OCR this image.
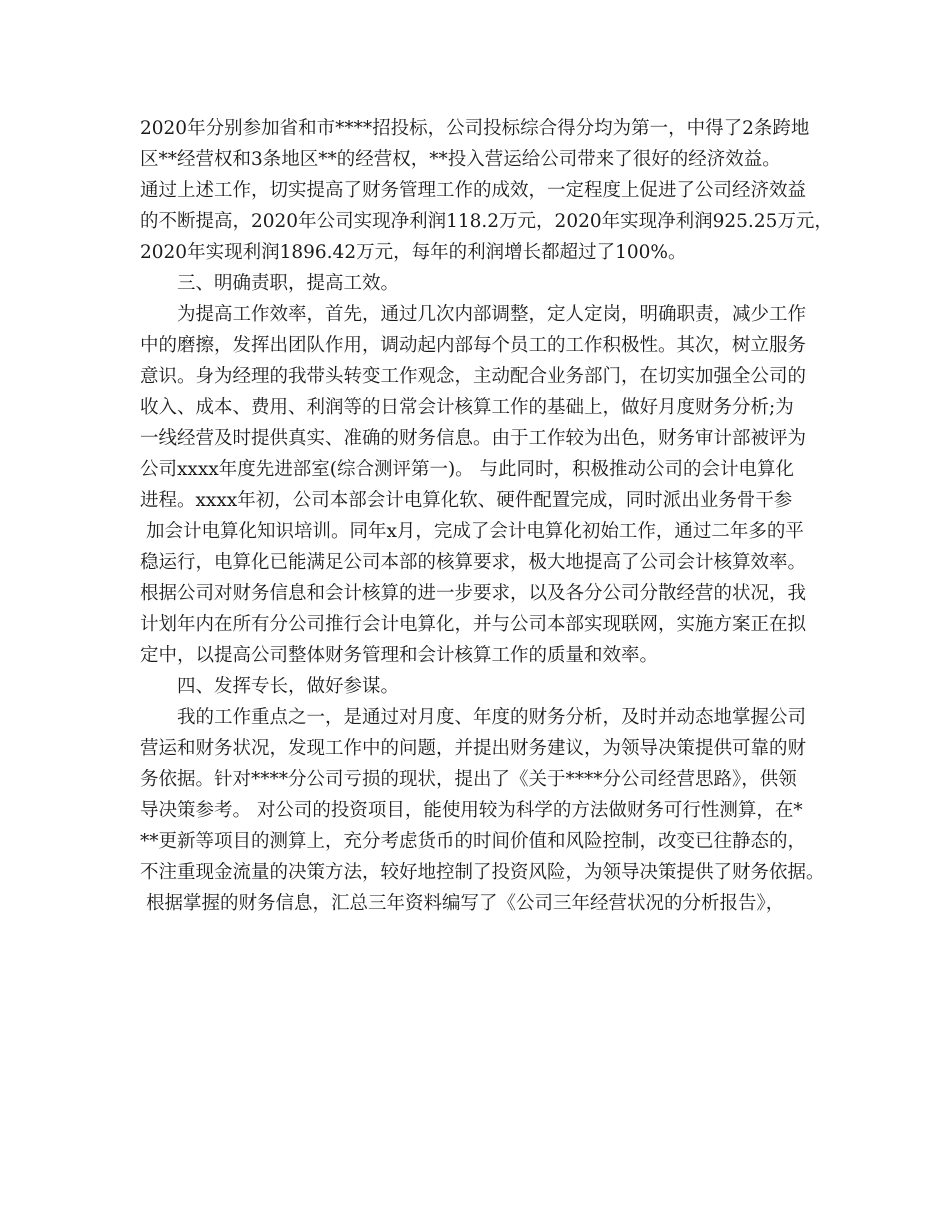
2020年分别参加省和市****招投标，公司投标综合得分均为第一，中得了2条跨地

区**经营权和3条地区**的经营权，**投入营运给公司带来了很好的经济效益。

通过上述工作，切实提高了财务管理工作的成效，一定程度上促进了公司经济效益

的不断提高，2020年公司实现净利润118.2万元，2020年实现净利润925.25万元，

2020年实现利润1896.42万元，每年的利润增长都超过了100%。

三、明确责职，提高工效。

为提高工作效率，首先，通过几次内部调整，定人定岗，明确职责，减少工作

中的磨擦，发挥出团队作用，调动起内部每个员工的工作积极性。其次，树立服务

意识。身为经理的我带头转变工作观念，主动配合业务部门，在切实加强全公司的

收入、成本、费用、利润等的日常会计核算工作的基础上，做好月度财务分析;为

一线经营及时提供真实、准确的财务信息。由于工作较为出色，财务审计部被评为

公司xxxx年度先进部室(综合测评第一)。 与此同时，积极推动公司的会计电算化

进程。xxxx年初，公司本部会计电算化软、硬件配置完成，同时派出业务骨干参

加会计电算化知识培训。同年x月，完成了会计电算化初始工作，通过二年多的平

稳运行，电算化已能满足公司本部的核算要求，极大地提高了公司会计核算效率。

根据公司对财务信息和会计核算的进一步要求，以及各分公司分散经营的状况，我

计划年内在所有分公司推行会计电算化，并与公司本部实现联网，实施方案正在拟

定中，以提高公司整体财务管理和会计核算工作的质量和效率。

四、发挥专长，做好参谋。

我的工作重点之一，是通过对月度、年度的财务分析，及时并动态地掌握公司

营运和财务状况，发现工作中的问题，并提出财务建议，为领导决策提供可靠的财

务依据。针对****分公司亏损的现状，提出了《关于****分公司经营思路》，供领

导决策参考。 对公司的投资项目，能使用较为科学的方法做财务可行性测算，在*

**更新等项目的测算上，充分考虑货币的时间价值和风险控制，改变已往静态的，

不注重现金流量的决策方法，较好地控制了投资风险，为领导决策提供了财务依据。

根据掌握的财务信息，汇总三年资料编写了《公司三年经营状况的分析报告》，
